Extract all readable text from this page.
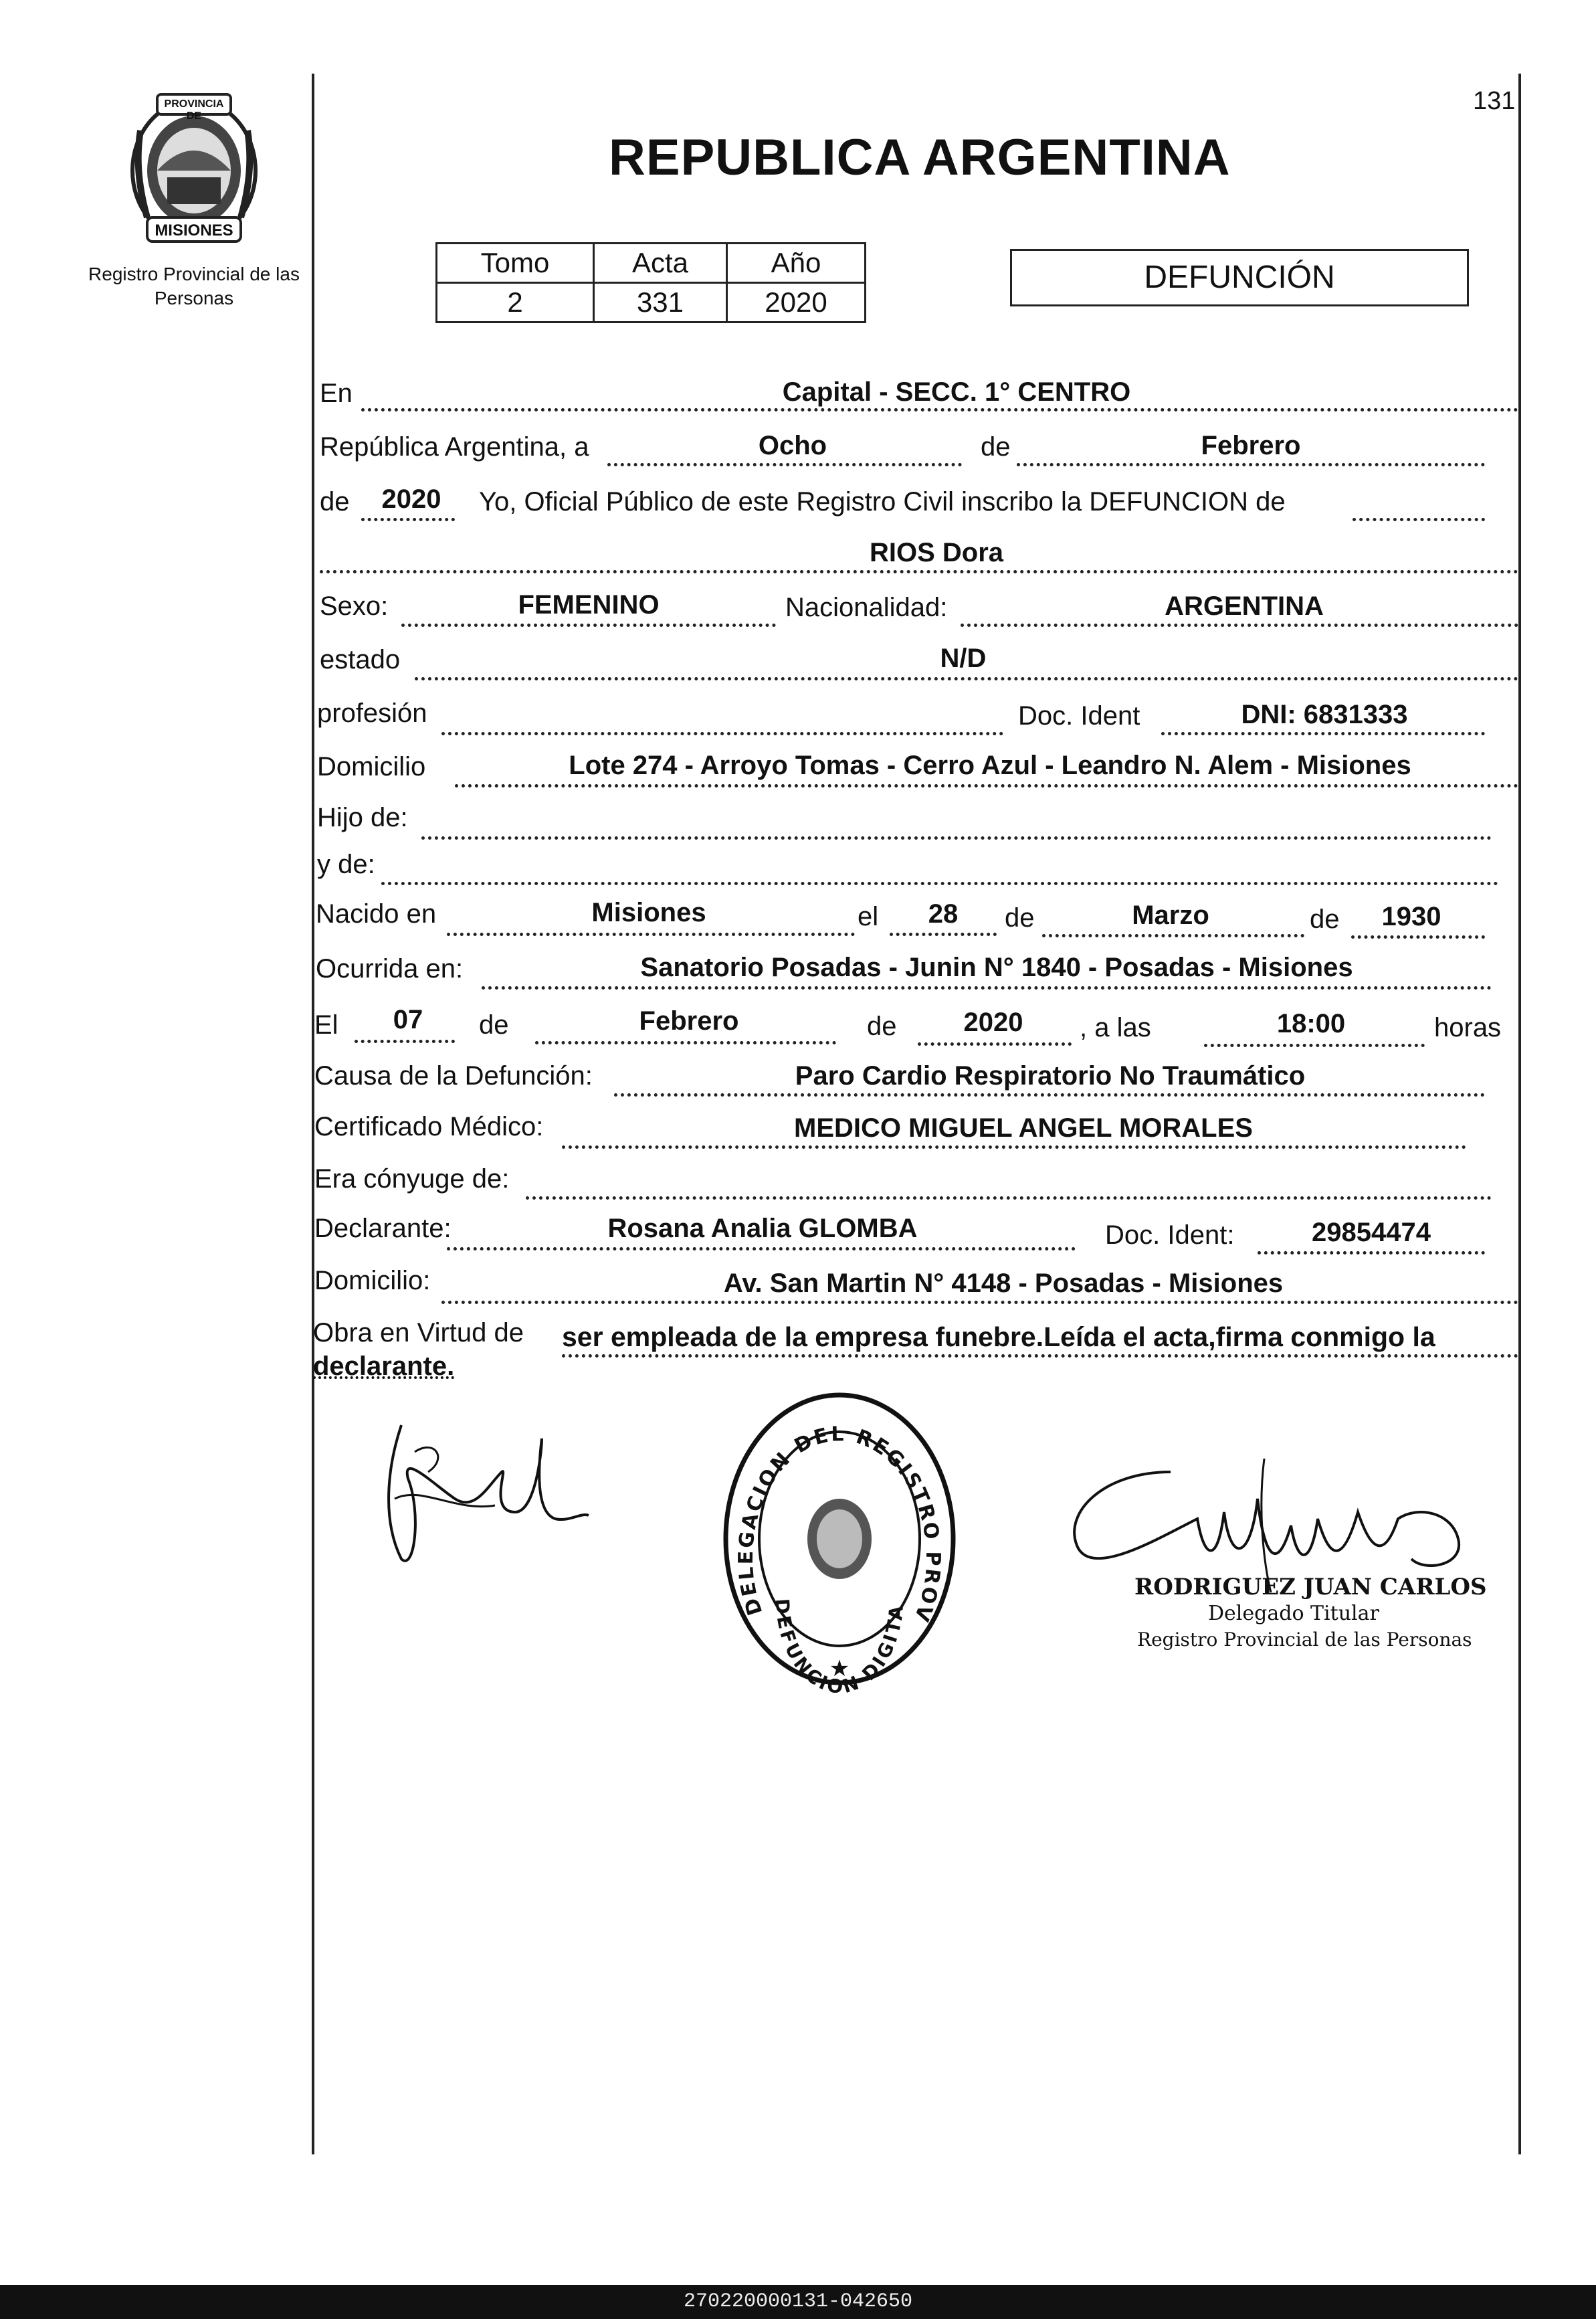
131
PROVINCIA DE
MISIONES
Registro Provincial de las Personas
REPUBLICA ARGENTINA
Tomo	Acta	Año
2	331	2020
DEFUNCIÓN
En	Capital - SECC. 1° CENTRO
República Argentina, a	Ocho	de	Febrero
de	2020	Yo, Oficial Público de este Registro Civil inscribo la DEFUNCION de
RIOS Dora
Sexo:	FEMENINO	Nacionalidad:	ARGENTINA
estado	N/D
profesión	Doc. Ident	DNI: 6831333
Domicilio	Lote 274 - Arroyo Tomas - Cerro Azul - Leandro N. Alem - Misiones
Hijo de:
y de:
Nacido en	Misiones	el	28	de	Marzo	de	1930
Ocurrida en:	Sanatorio Posadas - Junin N° 1840 - Posadas - Misiones
El	07	de	Febrero	de	2020	, a las	18:00	horas
Causa de la Defunción:	Paro Cardio Respiratorio No Traumático
Certificado Médico:	MEDICO MIGUEL ANGEL MORALES
Era cónyuge de:
Declarante:	Rosana Analia GLOMBA	Doc. Ident:	29854474
Domicilio:	Av. San Martin N° 4148 - Posadas - Misiones
Obra en Virtud de ser empleada de la empresa funebre.Leída el acta,firma conmigo la
declarante.
DELEGACION DEL REGISTRO PROV
DEFUNCION DIGITA
★
RODRIGUEZ JUAN CARLOS
Delegado Titular
Registro Provincial de las Personas
270220000131-042650
